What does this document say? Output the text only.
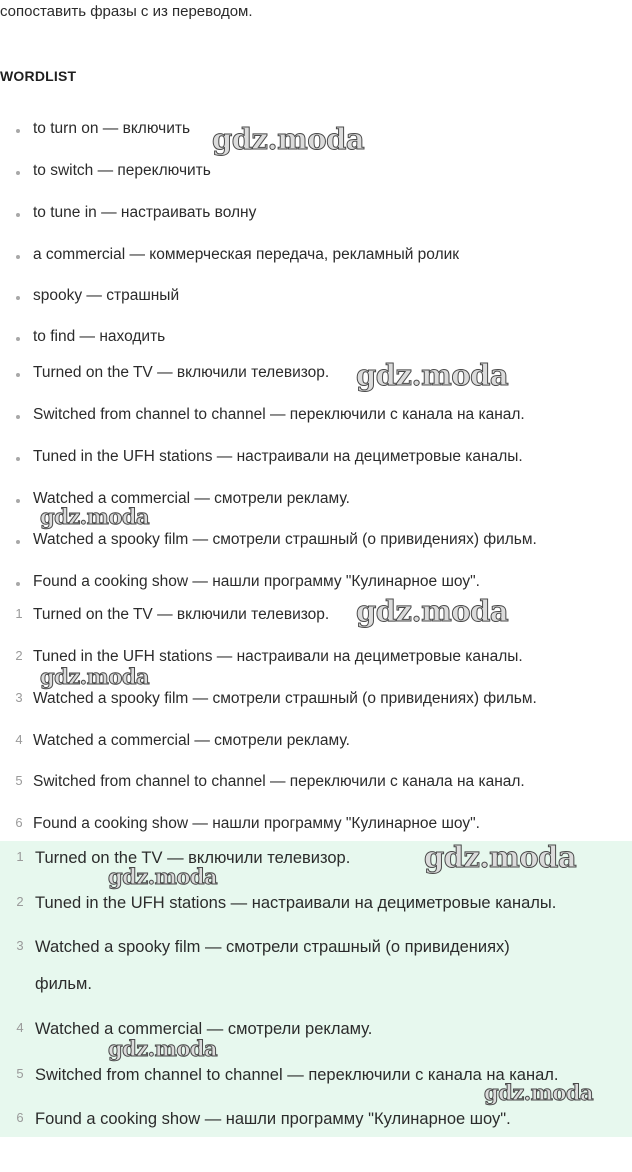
сопоставить фразы с из переводом.
WORDLIST
to turn on — включить
to switch — переключить
to tune in — настраивать волну
a commercial — коммерческая передача, рекламный ролик
spooky — страшный
to find — находить
Turned on the TV — включили телевизор.
Switched from channel to channel — переключили с канала на канал.
Tuned in the UFH stations — настраивали на дециметровые каналы.
Watched a commercial — смотрели рекламу.
Watched a spooky film — смотрели страшный (о привидениях) фильм.
Found a cooking show — нашли программу "Кулинарное шоу".
1 Turned on the TV — включили телевизор.
2 Tuned in the UFH stations — настраивали на дециметровые каналы.
3 Watched a spooky film — смотрели страшный (о привидениях) фильм.
4 Watched a commercial — смотрели рекламу.
5 Switched from channel to channel — переключили с канала на канал.
6 Found a cooking show — нашли программу "Кулинарное шоу".
1 Turned on the TV — включили телевизор.
2 Tuned in the UFH stations — настраивали на дециметровые каналы.
3 Watched a spooky film — смотрели страшный (о привидениях)
фильм.
4 Watched a commercial — смотрели рекламу.
5 Switched from channel to channel — переключили с канала на канал.
6 Found a cooking show — нашли программу "Кулинарное шоу".
gdz.moda
gdz.moda
gdz.moda
gdz.moda
gdz.moda
gdz.moda
gdz.moda
gdz.moda
gdz.moda
